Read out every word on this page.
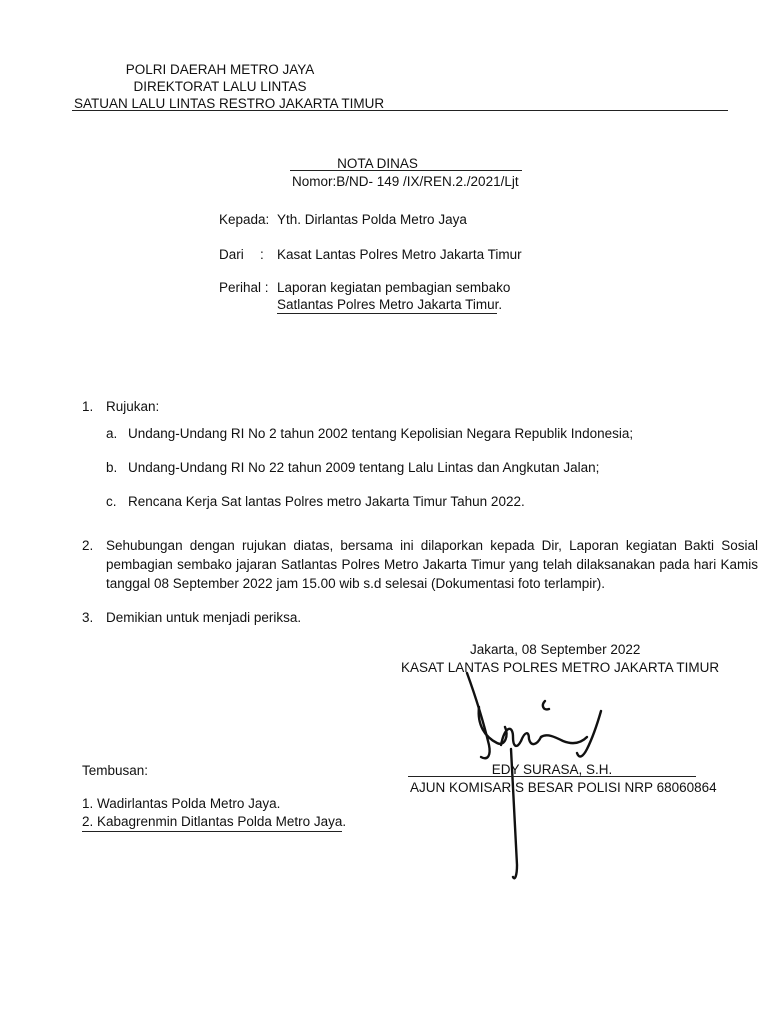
POLRI DAERAH METRO JAYA
DIREKTORAT LALU LINTAS
SATUAN LALU LINTAS RESTRO JAKARTA TIMUR
NOTA DINAS
Nomor:B/ND- 149 /IX/REN.2./2021/Ljt
Kepada: Yth. Dirlantas Polda Metro Jaya
Dari : Kasat Lantas Polres Metro Jakarta Timur
Perihal : Laporan kegiatan pembagian sembako
Satlantas Polres Metro Jakarta Timur.
1. Rujukan:
a. Undang-Undang RI No 2 tahun 2002 tentang Kepolisian Negara Republik Indonesia;
b. Undang-Undang RI No 22 tahun 2009 tentang Lalu Lintas dan Angkutan Jalan;
c. Rencana Kerja Sat lantas Polres metro Jakarta Timur Tahun 2022.
2. Sehubungan dengan rujukan diatas, bersama ini dilaporkan kepada Dir, Laporan kegiatan Bakti Sosial pembagian sembako jajaran Satlantas Polres Metro Jakarta Timur yang telah dilaksanakan pada hari Kamis tanggal 08 September 2022 jam 15.00 wib s.d selesai (Dokumentasi foto terlampir).
3. Demikian untuk menjadi periksa.
Jakarta, 08 September 2022
KASAT LANTAS POLRES METRO JAKARTA TIMUR
EDY SURASA, S.H.
AJUN KOMISARIS BESAR POLISI NRP 68060864
Tembusan:
1. Wadirlantas Polda Metro Jaya.
2. Kabagrenmin Ditlantas Polda Metro Jaya.
